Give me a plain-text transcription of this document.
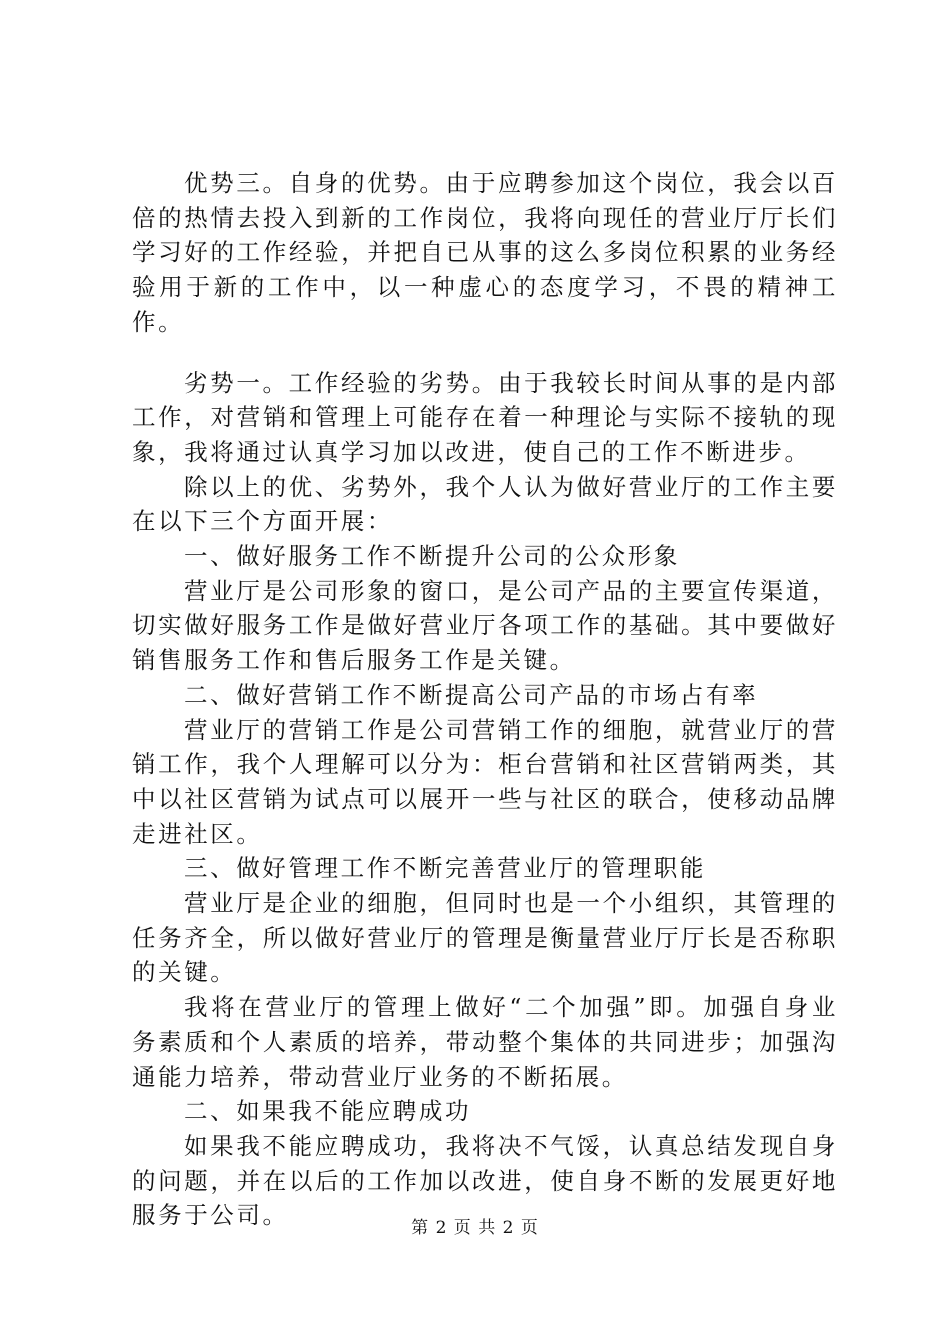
优势三。自身的优势。由于应聘参加这个岗位，我会以百倍的热情去投入到新的工作岗位，我将向现任的营业厅厅长们学习好的工作经验，并把自已从事的这么多岗位积累的业务经验用于新的工作中，以一种虚心的态度学习，不畏的精神工作。

劣势一。工作经验的劣势。由于我较长时间从事的是内部工作，对营销和管理上可能存在着一种理论与实际不接轨的现象，我将通过认真学习加以改进，使自己的工作不断进步。

除以上的优、劣势外，我个人认为做好营业厅的工作主要在以下三个方面开展：

一、做好服务工作不断提升公司的公众形象

营业厅是公司形象的窗口，是公司产品的主要宣传渠道，切实做好服务工作是做好营业厅各项工作的基础。其中要做好销售服务工作和售后服务工作是关键。

二、做好营销工作不断提高公司产品的市场占有率

营业厅的营销工作是公司营销工作的细胞，就营业厅的营销工作，我个人理解可以分为：柜台营销和社区营销两类，其中以社区营销为试点可以展开一些与社区的联合，使移动品牌走进社区。

三、做好管理工作不断完善营业厅的管理职能

营业厅是企业的细胞，但同时也是一个小组织，其管理的任务齐全，所以做好营业厅的管理是衡量营业厅厅长是否称职的关键。

我将在营业厅的管理上做好“二个加强”即。加强自身业务素质和个人素质的培养，带动整个集体的共同进步；加强沟通能力培养，带动营业厅业务的不断拓展。

二、如果我不能应聘成功

如果我不能应聘成功，我将决不气馁，认真总结发现自身的问题，并在以后的工作加以改进，使自身不断的发展更好地服务于公司。	第 2 页 共 2 页
